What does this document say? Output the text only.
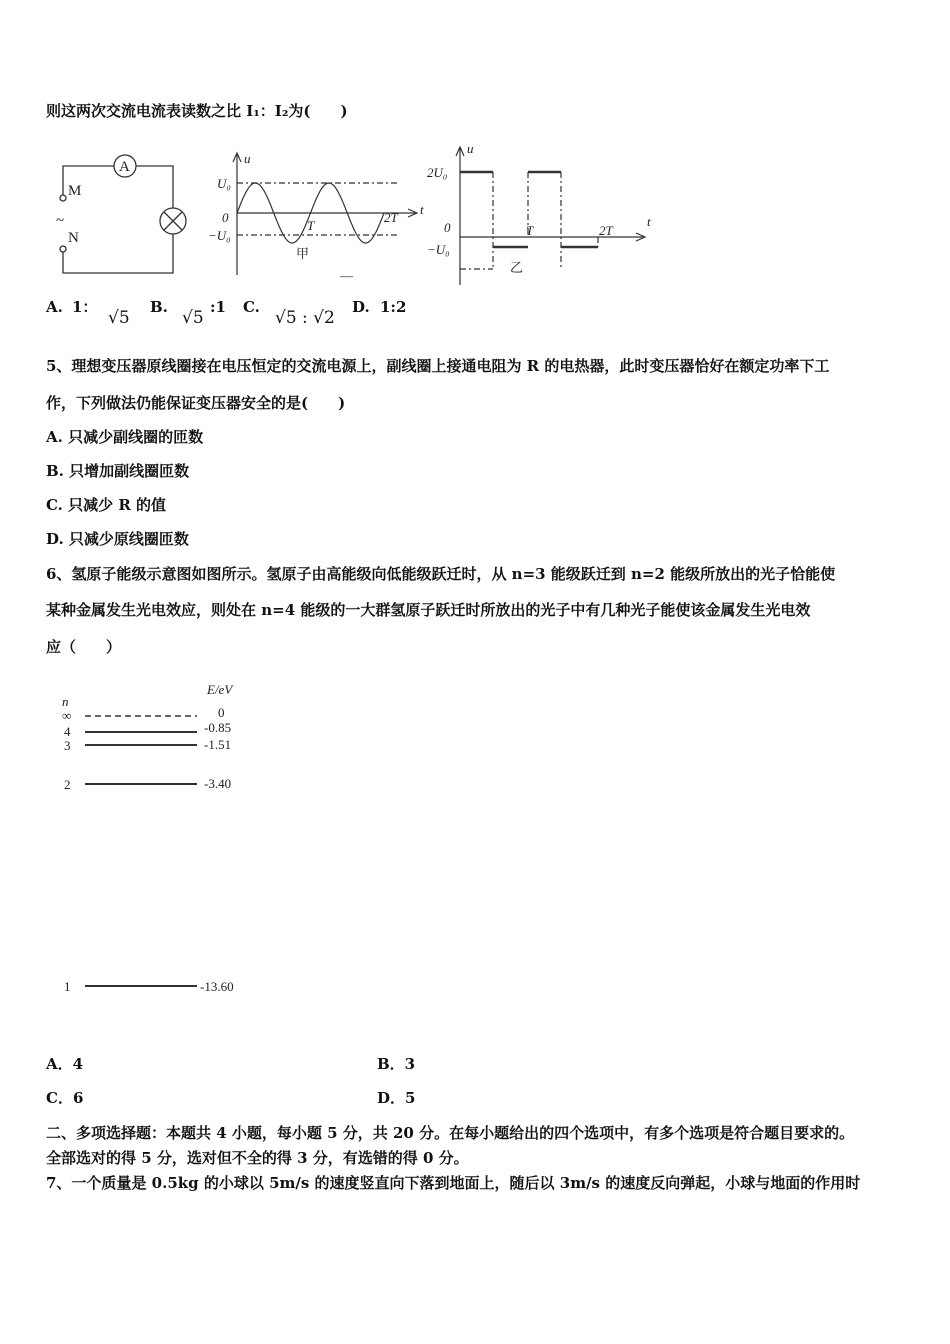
则这两次交流电流表读数之比 I₁：I₂为(　　)
A
M
~
N
u
t
U₀
−U₀
0
T
2T
甲
—
u
t
2U₀
0
−U₀
T	2T
乙
A. 1：
√5
B.
√5
:1 C.
√5 : √2
D. 1:2
5、理想变压器原线圈接在电压恒定的交流电源上，副线圈上接通电阻为 R 的电热器，此时变压器恰好在额定功率下工
作，下列做法仍能保证变压器安全的是(　　)
A. 只减少副线圈的匝数
B. 只增加副线圈匝数
C. 只减少 R 的值
D. 只减少原线圈匝数
6、氢原子能级示意图如图所示。氢原子由高能级向低能级跃迁时，从 n=3 能级跃迁到 n=2 能级所放出的光子恰能使
某种金属发生光电效应，则处在 n=4 能级的一大群氢原子跃迁时所放出的光子中有几种光子能使该金属发生光电效
应（　　）
n
E/eV
∞	0
4	-0.85
3	-1.51
2	-3.40
1	-13.60
A．4	B．3
C．6	D．5
二、多项选择题：本题共 4 小题，每小题 5 分，共 20 分。在每小题给出的四个选项中，有多个选项是符合题目要求的。
全部选对的得 5 分，选对但不全的得 3 分，有选错的得 0 分。
7、一个质量是 0.5kg 的小球以 5m/s 的速度竖直向下落到地面上，随后以 3m/s 的速度反向弹起，小球与地面的作用时
